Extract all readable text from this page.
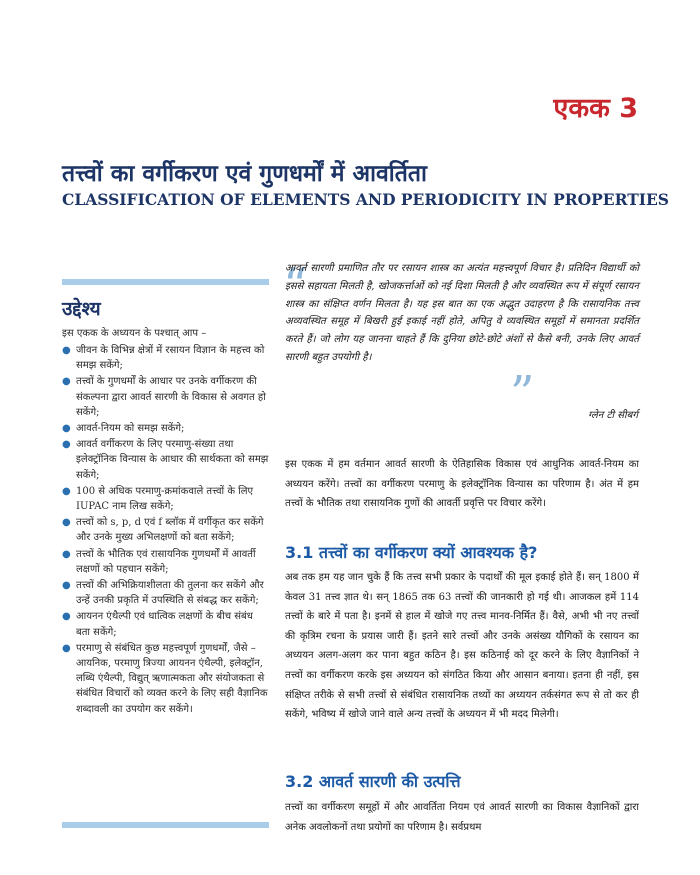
एकक 3
तत्त्वों का वर्गीकरण एवं गुणधर्मों में आवर्तिता
CLASSIFICATION OF ELEMENTS AND PERIODICITY IN PROPERTIES
उद्देश्य
इस एकक के अध्ययन के पश्चात् आप –
● जीवन के विभिन्न क्षेत्रों में रसायन विज्ञान के महत्त्व को समझ सकेंगे;
● तत्त्वों के गुणधर्मों के आधार पर उनके वर्गीकरण की संकल्पना द्वारा आवर्त सारणी के विकास से अवगत हो सकेंगे;
● आवर्त-नियम को समझ सकेंगे;
● आवर्त वर्गीकरण के लिए परमाणु-संख्या तथा इलेक्ट्रॉनिक विन्यास के आधार की सार्थकता को समझ सकेंगे;
● 100 से अधिक परमाणु-क्रमांकवाले तत्त्वों के लिए IUPAC नाम लिख सकेंगे;
● तत्त्वों को s, p, d एवं f ब्लॉक में वर्गीकृत कर सकेंगे और उनके मुख्य अभिलक्षणों को बता सकेंगे;
● तत्त्वों के भौतिक एवं रासायनिक गुणधर्मों में आवर्ती लक्षणों को पहचान सकेंगे;
● तत्त्वों की अभिक्रियाशीलता की तुलना कर सकेंगे और उन्हें उनकी प्रकृति में उपस्थिति से संबद्ध कर सकेंगे;
● आयनन एंथैल्पी एवं धात्विक लक्षणों के बीच संबंध बता सकेंगे;
● परमाणु से संबंधित कुछ महत्त्वपूर्ण गुणधर्मों, जैसे – आयनिक, परमाणु त्रिज्या आयनन एंथैल्पी, इलेक्ट्रॉन, लब्धि एंथैल्पी, विद्युत् ऋणात्मकता और संयोजकता से संबंधित विचारों को व्यक्त करने के लिए सही वैज्ञानिक शब्दावली का उपयोग कर सकेंगे।
“
आवर्त सारणी प्रमाणित तौर पर रसायन शास्त्र का अत्यंत महत्त्वपूर्ण विचार है। प्रतिदिन विद्यार्थी को इससे सहायता मिलती है, खोजकर्त्ताओं को नई दिशा मिलती है और व्यवस्थित रूप में संपूर्ण रसायन शास्त्र का संक्षिप्त वर्णन मिलता है। यह इस बात का एक अद्भुत उदाहरण है कि रासायनिक तत्त्व अव्यवस्थित समूह में बिखरी हुई इकाई नहीं होते, अपितु वे व्यवस्थित समूहों में समानता प्रदर्शित करते हैं। जो लोग यह जानना चाहते हैं कि दुनिया छोटे-छोटे अंशों से कैसे बनी, उनके लिए आवर्त सारणी बहुत उपयोगी है।
”	ग्लेन टी सीबर्ग

इस एकक में हम वर्तमान आवर्त सारणी के ऐतिहासिक विकास एवं आधुनिक आवर्त-नियम का अध्ययन करेंगे। तत्त्वों का वर्गीकरण परमाणु के इलेक्ट्रॉनिक विन्यास का परिणाम है। अंत में हम तत्त्वों के भौतिक तथा रासायनिक गुणों की आवर्ती प्रवृत्ति पर विचार करेंगे।

3.1 तत्त्वों का वर्गीकरण क्यों आवश्यक है?

अब तक हम यह जान चुके हैं कि तत्त्व सभी प्रकार के पदार्थों की मूल इकाई होते हैं। सन् 1800 में केवल 31 तत्त्व ज्ञात थे। सन् 1865 तक 63 तत्त्वों की जानकारी हो गई थी। आजकल हमें 114 तत्त्वों के बारे में पता है। इनमें से हाल में खोजे गए तत्त्व मानव-निर्मित हैं। वैसे, अभी भी नए तत्त्वों की कृत्रिम रचना के प्रयास जारी हैं। इतने सारे तत्त्वों और उनके असंख्य यौगिकों के रसायन का अध्ययन अलग-अलग कर पाना बहुत कठिन है। इस कठिनाई को दूर करने के लिए वैज्ञानिकों ने तत्त्वों का वर्गीकरण करके इस अध्ययन को संगठित किया और आसान बनाया। इतना ही नहीं, इस संक्षिप्त तरीके से सभी तत्त्वों से संबंधित रासायनिक तथ्यों का अध्ययन तर्कसंगत रूप से तो कर ही सकेंगे, भविष्य में खोजे जाने वाले अन्य तत्त्वों के अध्ययन में भी मदद मिलेगी।

3.2 आवर्त सारणी की उत्पत्ति

तत्त्वों का वर्गीकरण समूहों में और आवर्तिता नियम एवं आवर्त सारणी का विकास वैज्ञानिकों द्वारा अनेक अवलोकनों तथा प्रयोगों का परिणाम है। सर्वप्रथम
